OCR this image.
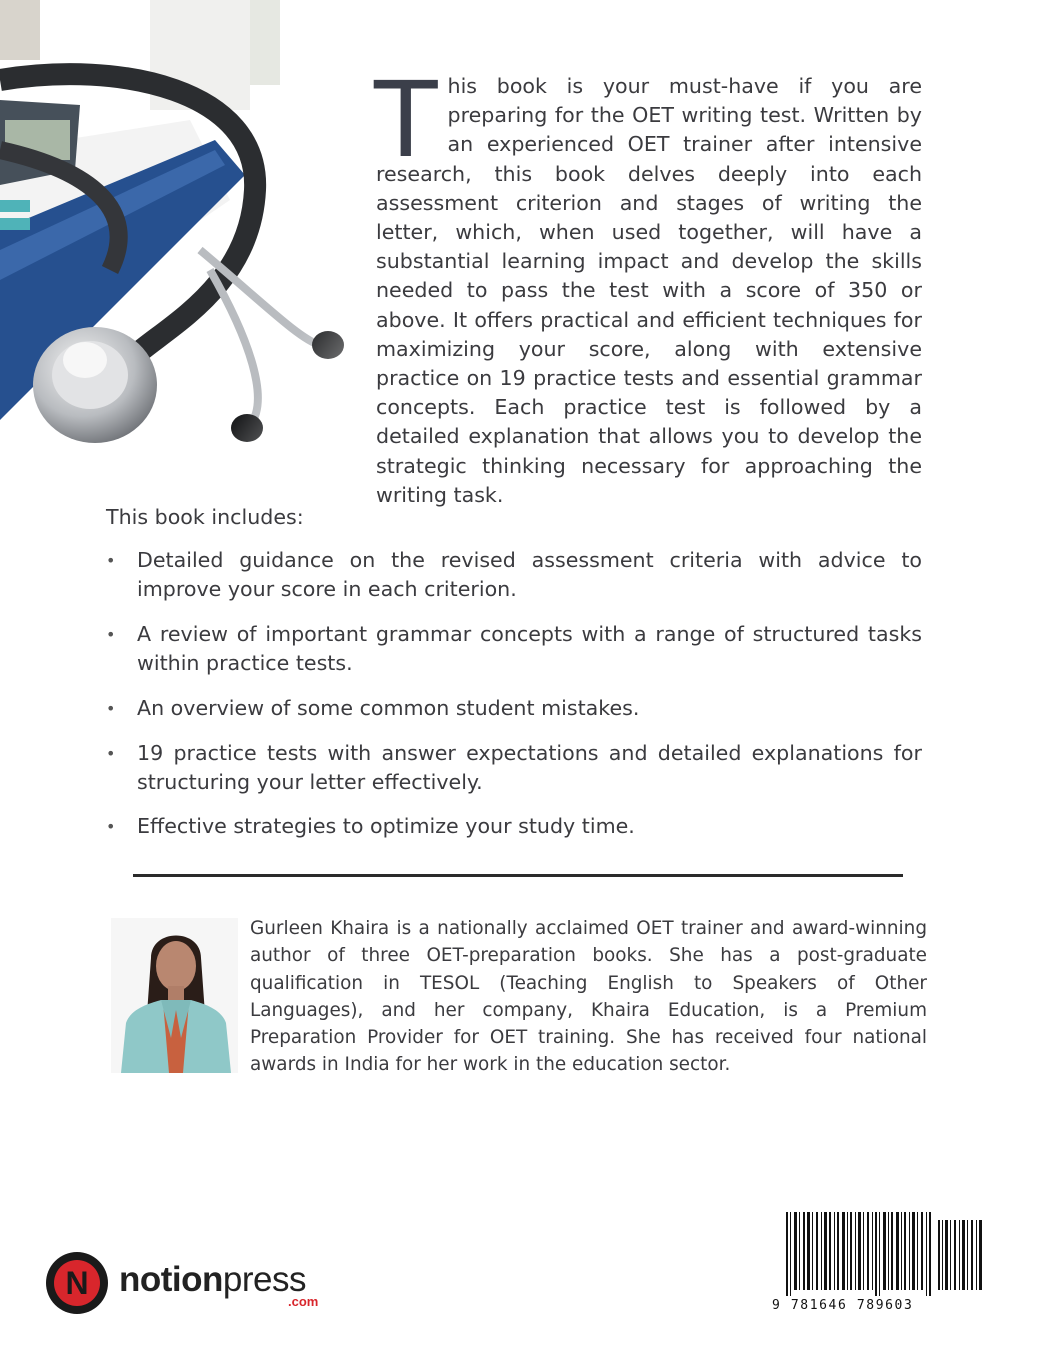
This book is your must-have if you are preparing for the OET writing test. Written by an experienced OET trainer after intensive research, this book delves deeply into each assessment criterion and stages of writing the letter, which, when used together, will have a substantial learning impact and develop the skills needed to pass the test with a score of 350 or above. It offers practical and efficient techniques for maximizing your score, along with extensive practice on 19 practice tests and essential grammar concepts. Each practice test is followed by a detailed explanation that allows you to develop the strategic thinking necessary for approaching the writing task.

This book includes:

• Detailed guidance on the revised assessment criteria with advice to improve your score in each criterion.
• A review of important grammar concepts with a range of structured tasks within practice tests.
• An overview of some common student mistakes.
• 19 practice tests with answer expectations and detailed explanations for structuring your letter effectively.
• Effective strategies to optimize your study time.

Gurleen Khaira is a nationally acclaimed OET trainer and award-winning author of three OET-preparation books. She has a post-graduate qualification in TESOL (Teaching English to Speakers of Other Languages), and her company, Khaira Education, is a Premium Preparation Provider for OET training. She has received four national awards in India for her work in the education sector.

9 781646 789603
N notionpress
.com
